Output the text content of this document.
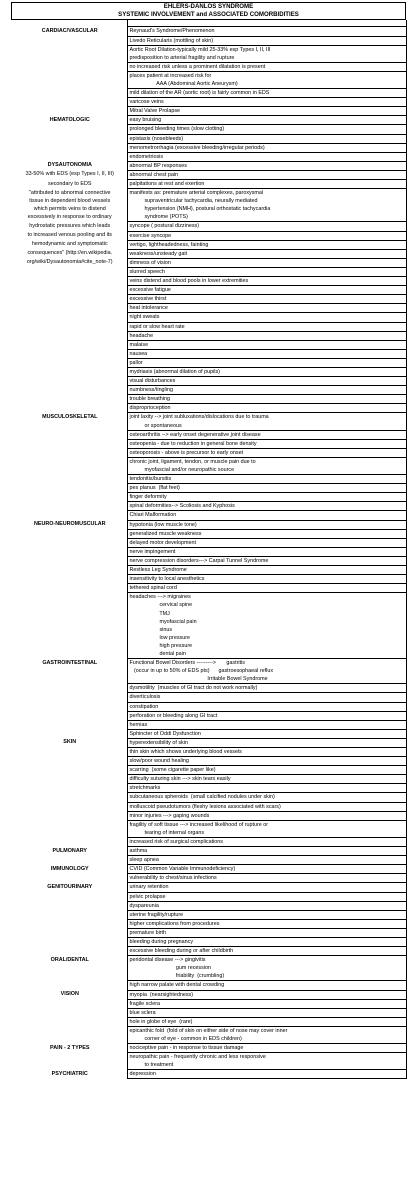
EHLERS-DANLOS SYNDROME
SYSTEMIC INVOLVEMENT and ASSOCIATED COMORBIDITIES

CARDIAC/VASCULAR	Reynaud's Syndrome/Phenomenon
	Livedo Reticularis (mottling of skin)
	Aortic Root Dilation-typically mild 25-33% esp Types I, II, III
	predisposition to arterial fragility and rupture
	no increased risk unless a prominent dilatation is present
	places patient at increased risk for
	AAA (Abdominal Aortic Aneurysm)
	mild dilation of the AR (aortic root) is fairly common in EDS
	varicose veins
	Mitral Valve Prolapse
HEMATOLOGIC	easy bruising
	prolonged bleeding times (slow clotting)
	epistaxis (nosebleeds)
	menometrorrhagia (excessive bleeding/irregular periods)
	endometriosis
DYSAUTONOMIA	abnormal BP responses
33-50% with EDS (esp Types I, II, III)	abnormal chest pain
secondary to EDS	palpitations at rest and exertion
"attributed to abnormal connective	manifests as: premature arterial complexes, paroxysmal
tissue in dependent blood vessels	supraventricular tachycardia, neurally mediated
which permits veins to distend	hypertension (NMH), postural orthostatic tachycardia
excessively in response to ordinary	syndrome (POTS)
hydrostatic pressures which leads	syncope ( postural dizziness)
to increased venous pooling and its	exercise syncope
hemodynamic and symptomatic	vertigo, lightheadedness, fainting
consequences" (http://en.wikipedia.	weakness/unsteady gait
org/wiki/Dysautonomia#cite_note-7)	dimness of vision
	slurred speech
	veins distend and blood pools in lower extremities
	excessive fatigue
	excessive thirst
	heat intolerance
	night sweats
	rapid or slow heart rate
	headache
	malaise
	nausea
	pallor
	mydriasis (abnormal dilation of pupils)
	visual disturbances
	numbness/tingling
	trouble breathing
	disproprioception
MUSCULOSKELETAL	joint laxity --> joint subluxations/dislocations due to trauma
	or spontaneous
	osteoarthritis --> early onset degenerative joint disease
	osteopenia - due to reduction in general bone density
	osteoporosis - above is precursor to early onset
	chronic joint, ligament, tendon, or muscle pain due to
	myofascial and/or neuropathic source
	tendonitis/bursitis
	pes planus  (flat feet)
	finger deformity
	spinal deformities--> Scoliosis and Kyphosis
	Chiari Malformation
NEURO-NEUROMUSCULAR	hypotonia (low muscle tone)
	generalized muscle weakness
	delayed motor development
	nerve impingement
	nerve compression disorders---> Carpal Tunnel Syndrome
	Restless Leg Syndrome
	insensitivity to local anesthetics
	tethered spinal cord
	headaches ---> migraines
	cervical spine
	TMJ
	myofascial pain
	sinus
	low pressure
	high pressure
	dental pain
GASTROINTESTINAL	Functional Bowel Disorders --------->       gastritis
	(occur in up to 50% of EDS pts)      gastroesophaeal reflux
	Irritable Bowel Syndrome
	dysmotility  (muscles of GI tract do not work normally)
	diverticulosis
	constipation
	perforation or bleeding along GI tract
	hernias
	Sphincter of Oddi Dysfunction
SKIN	hyperextensibility of skin
	thin skin which shows underlying blood vessels
	slow/poor wound healing
	scarring  (some cigarette paper like)
	difficulty suturing skin ---> skin tears easily
	stretchmarks
	subcutaneous spheroids  (small calcified nodules under skin)
	molluscoid pseudotumors (fleshy lesions associated with scars)
	minor injuries ---> gaping wounds
	fragility of soft tissue ---> increased likelihood of rupture or
	tearing of internal organs
	increased risk of surgical complications
PULMONARY	asthma
	sleep apnea
IMMUNOLOGY	CVID (Common Variable Immunodeficiency)
	vulnerability to chest/sinus infections
GENITOURINARY	urinary retention
	pelvic prolapse
	dyspareunia
	uterine fragility/rupture
	higher complications from procedures
	premature birth
	bleeding during pregnancy
	excessive bleeding during or after childbirth
ORAL/DENTAL	peridontal disease ---> gingivitis
	gum recession
	friability  (crumbling)
	high narrow palate with dental crowding
VISION	myopia  (nearsightedness)
	fragile sclera
	blue sclera
	hole in globe of eye  (rare)
	epicanthic fold  (fold of skin on either side of nose may cover inner
	corner of eye - common in EDS children)
PAIN - 2 TYPES	nociceptive pain - in response to tissue damage
	neuropathic pain - frequently chronic and less responsive
	to treatment
PSYCHIATRIC	depression
